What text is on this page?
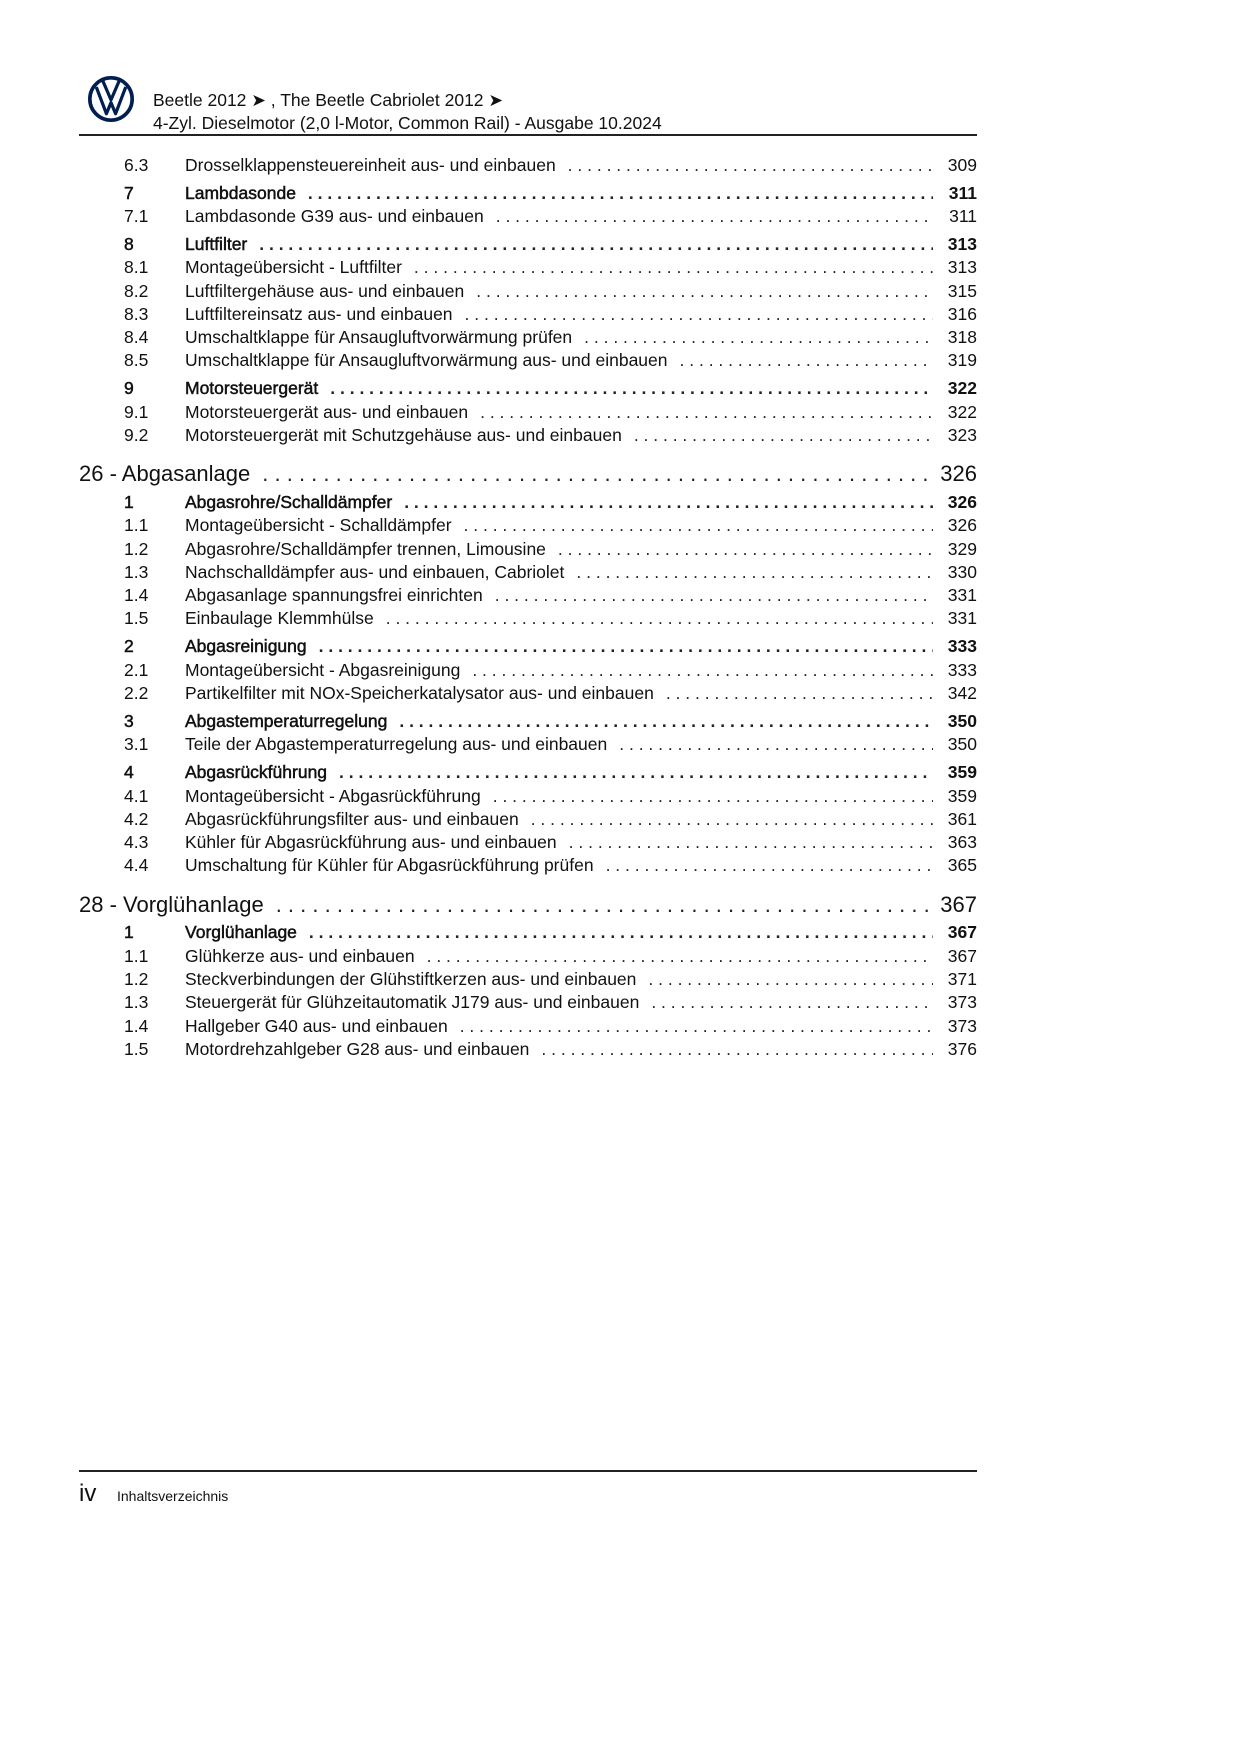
Beetle 2012 ➤ , The Beetle Cabriolet 2012 ➤
4-Zyl. Dieselmotor (2,0 l-Motor, Common Rail) - Ausgabe 10.2024
6.3	Drosselklappensteuereinheit aus- und einbauen . . .	309
7	Lambdasonde . . .	311
7.1	Lambdasonde G39 aus- und einbauen . . .	311
8	Luftfilter . . .	313
8.1	Montageübersicht - Luftfilter . . .	313
8.2	Luftfiltergehäuse aus- und einbauen . . .	315
8.3	Luftfiltereinsatz aus- und einbauen . . .	316
8.4	Umschaltklappe für Ansaugluftvorwärmung prüfen . . .	318
8.5	Umschaltklappe für Ansaugluftvorwärmung aus- und einbauen . . .	319
9	Motorsteuergerät . . .	322
9.1	Motorsteuergerät aus- und einbauen . . .	322
9.2	Motorsteuergerät mit Schutzgehäuse aus- und einbauen . . .	323
26 - Abgasanlage . . .	326
1	Abgasrohre/Schalldämpfer . . .	326
1.1	Montageübersicht - Schalldämpfer . . .	326
1.2	Abgasrohre/Schalldämpfer trennen, Limousine . . .	329
1.3	Nachschalldämpfer aus- und einbauen, Cabriolet . . .	330
1.4	Abgasanlage spannungsfrei einrichten . . .	331
1.5	Einbaulage Klemmhülse . . .	331
2	Abgasreinigung . . .	333
2.1	Montageübersicht - Abgasreinigung . . .	333
2.2	Partikelfilter mit NOx-Speicherkatalysator aus- und einbauen . . .	342
3	Abgastemperaturregelung . . .	350
3.1	Teile der Abgastemperaturregelung aus- und einbauen . . .	350
4	Abgasrückführung . . .	359
4.1	Montageübersicht - Abgasrückführung . . .	359
4.2	Abgasrückführungsfilter aus- und einbauen . . .	361
4.3	Kühler für Abgasrückführung aus- und einbauen . . .	363
4.4	Umschaltung für Kühler für Abgasrückführung prüfen . . .	365
28 - Vorglühanlage . . .	367
1	Vorglühanlage . . .	367
1.1	Glühkerze aus- und einbauen . . .	367
1.2	Steckverbindungen der Glühstiftkerzen aus- und einbauen . . .	371
1.3	Steuergerät für Glühzeitautomatik J179 aus- und einbauen . . .	373
1.4	Hallgeber G40 aus- und einbauen . . .	373
1.5	Motordrehzahlgeber G28 aus- und einbauen . . .	376
iv Inhaltsverzeichnis
